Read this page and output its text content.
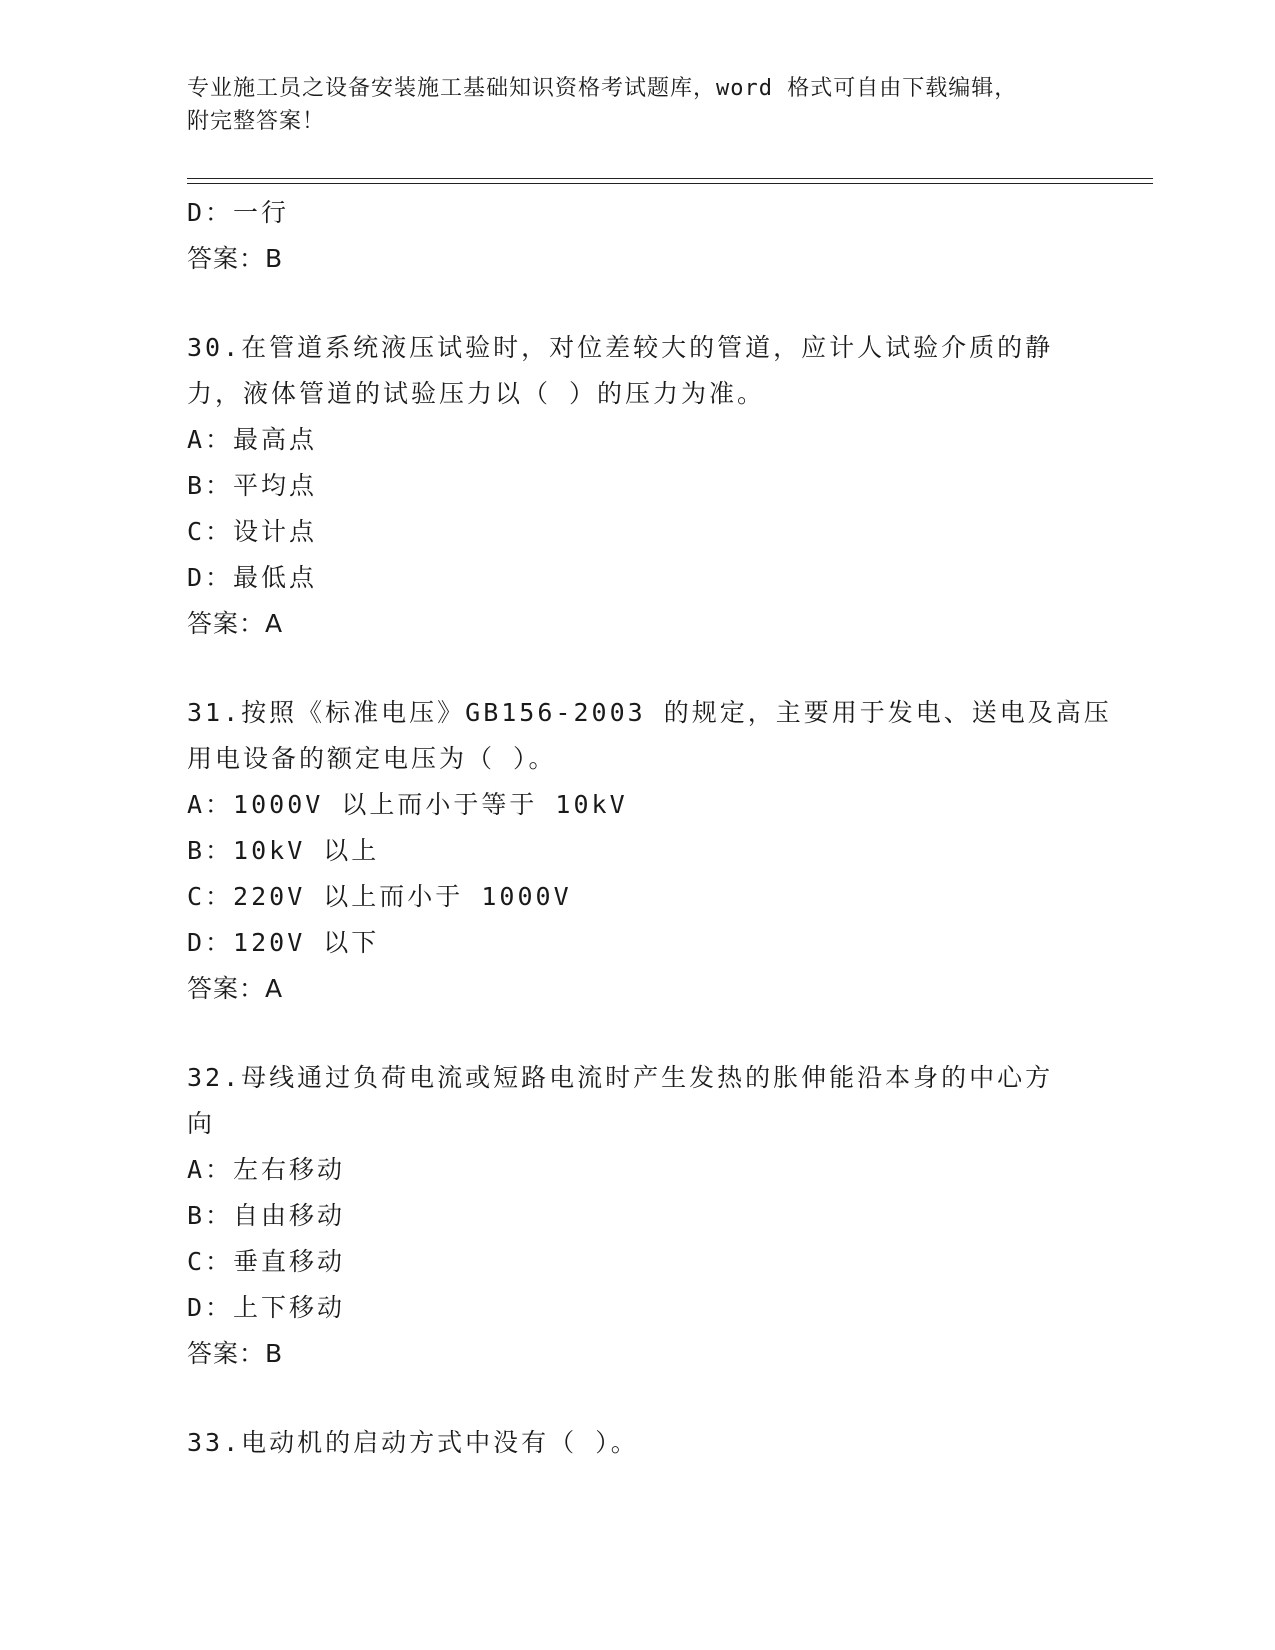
专业施工员之设备安装施工基础知识资格考试题库，word 格式可自由下载编辑，
附完整答案！
D：一行
答案：B
30.在管道系统液压试验时，对位差较大的管道，应计人试验介质的静
力，液体管道的试验压力以（ ）的压力为准。
A：最高点
B：平均点
C：设计点
D：最低点
答案：A
31.按照《标准电压》GB156-2003 的规定，主要用于发电、送电及高压
用电设备的额定电压为（ ）。
A：1000V 以上而小于等于 10kV
B：10kV 以上
C：220V 以上而小于 1000V
D：120V 以下
答案：A
32.母线通过负荷电流或短路电流时产生发热的胀伸能沿本身的中心方
向
A：左右移动
B：自由移动
C：垂直移动
D：上下移动
答案：B
33.电动机的启动方式中没有（ ）。
